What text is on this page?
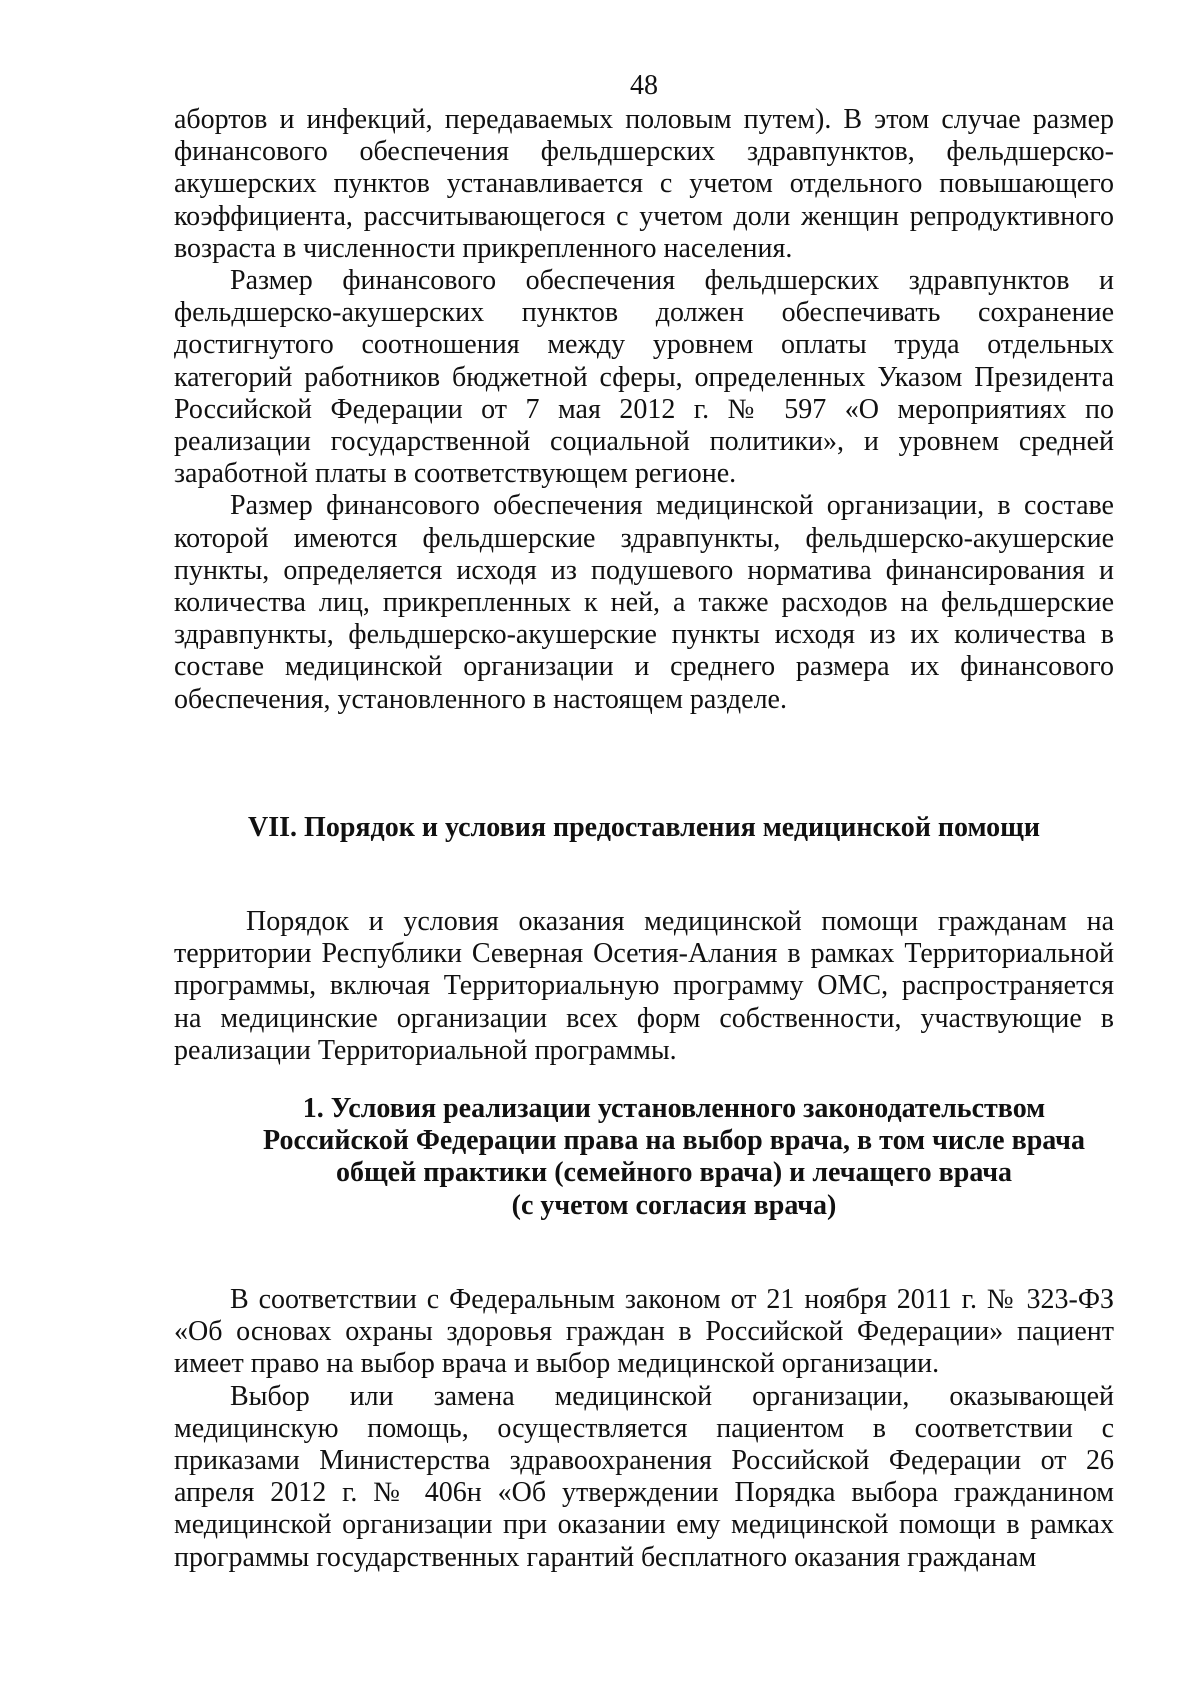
48

абортов и инфекций, передаваемых половым путем). В этом случае размер финансового обеспечения фельдшерских здравпунктов, фельдшерско-акушерских пунктов устанавливается с учетом отдельного повышающего коэффициента, рассчитывающегося с учетом доли женщин репродуктивного возраста в численности прикрепленного населения.

Размер финансового обеспечения фельдшерских здравпунктов и фельдшерско-акушерских пунктов должен обеспечивать сохранение достигнутого соотношения между уровнем оплаты труда отдельных категорий работников бюджетной сферы, определенных Указом Президента Российской Федерации от 7 мая 2012 г. № 597 «О мероприятиях по реализации государственной социальной политики», и уровнем средней заработной платы в соответствующем регионе.

Размер финансового обеспечения медицинской организации, в составе которой имеются фельдшерские здравпункты, фельдшерско-акушерские пункты, определяется исходя из подушевого норматива финансирования и количества лиц, прикрепленных к ней, а также расходов на фельдшерские здравпункты, фельдшерско-акушерские пункты исходя из их количества в составе медицинской организации и среднего размера их финансового обеспечения, установленного в настоящем разделе.

VII. Порядок и условия предоставления медицинской помощи

Порядок и условия оказания медицинской помощи гражданам на территории Республики Северная Осетия-Алания в рамках Территориальной программы, включая Территориальную программу ОМС, распространяется на медицинские организации всех форм собственности, участвующие в реализации Территориальной программы.

1. Условия реализации установленного законодательством
Российской Федерации права на выбор врача, в том числе врача
общей практики (семейного врача) и лечащего врача
(с учетом согласия врача)

В соответствии с Федеральным законом от 21 ноября 2011 г. № 323-ФЗ «Об основах охраны здоровья граждан в Российской Федерации» пациент имеет право на выбор врача и выбор медицинской организации.

Выбор или замена медицинской организации, оказывающей медицинскую помощь, осуществляется пациентом в соответствии с приказами Министерства здравоохранения Российской Федерации от 26 апреля 2012 г. № 406н «Об утверждении Порядка выбора гражданином медицинской организации при оказании ему медицинской помощи в рамках программы государственных гарантий бесплатного оказания гражданам
